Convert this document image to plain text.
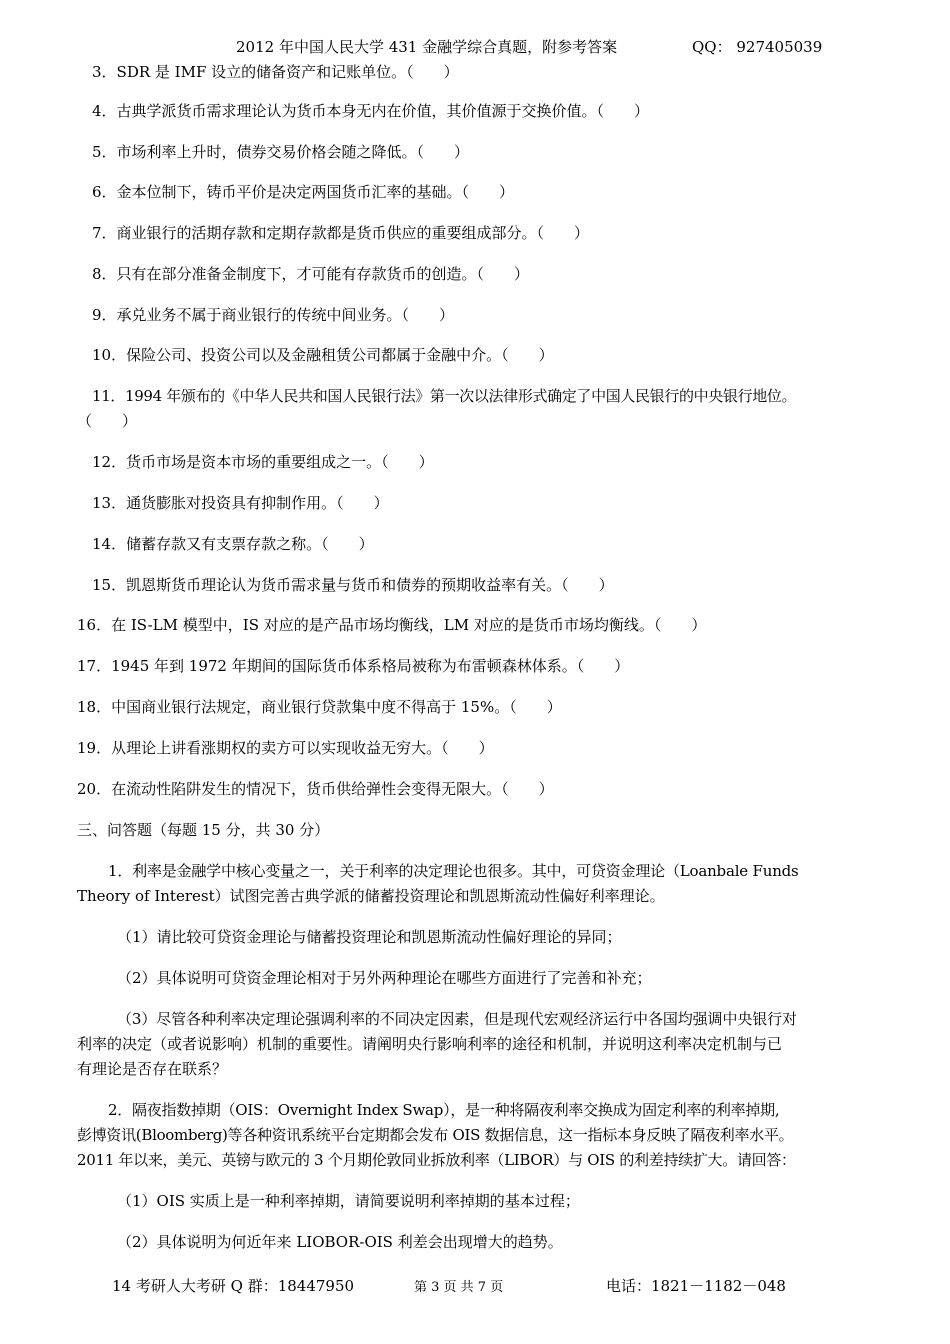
2012 年中国人民大学 431 金融学综合真题，附参考答案	QQ： 927405039
3．SDR 是 IMF 设立的储备资产和记账单位。（　　）
4．古典学派货币需求理论认为货币本身无内在价值，其价值源于交换价值。（　　）
5．市场利率上升时，债券交易价格会随之降低。（　　）
6．金本位制下，铸币平价是决定两国货币汇率的基础。（　　）
7．商业银行的活期存款和定期存款都是货币供应的重要组成部分。（　　）
8．只有在部分准备金制度下，才可能有存款货币的创造。（　　）
9．承兑业务不属于商业银行的传统中间业务。（　　）
10．保险公司、投资公司以及金融租赁公司都属于金融中介。（　　）
11．1994 年颁布的《中华人民共和国人民银行法》第一次以法律形式确定了中国人民银行的中央银行地位。
（　　）
12．货币市场是资本市场的重要组成之一。（　　）
13．通货膨胀对投资具有抑制作用。（　　）
14．储蓄存款又有支票存款之称。（　　）
15．凯恩斯货币理论认为货币需求量与货币和债券的预期收益率有关。（　　）
16．在 IS-LM 模型中，IS 对应的是产品市场均衡线，LM 对应的是货币市场均衡线。（　　）
17．1945 年到 1972 年期间的国际货币体系格局被称为布雷顿森林体系。（　　）
18．中国商业银行法规定，商业银行贷款集中度不得高于 15%。（　　）
19．从理论上讲看涨期权的卖方可以实现收益无穷大。（　　）
20．在流动性陷阱发生的情况下，货币供给弹性会变得无限大。（　　）
三、问答题（每题 15 分，共 30 分）
1．利率是金融学中核心变量之一，关于利率的决定理论也很多。其中，可贷资金理论（Loanbale Funds
Theory of Interest）试图完善古典学派的储蓄投资理论和凯恩斯流动性偏好利率理论。
（1）请比较可贷资金理论与储蓄投资理论和凯恩斯流动性偏好理论的异同；
（2）具体说明可贷资金理论相对于另外两种理论在哪些方面进行了完善和补充；
（3）尽管各种利率决定理论强调利率的不同决定因素，但是现代宏观经济运行中各国均强调中央银行对
利率的决定（或者说影响）机制的重要性。请阐明央行影响利率的途径和机制，并说明这利率决定机制与已
有理论是否存在联系？
2．隔夜指数掉期（OIS：Overnight Index Swap），是一种将隔夜利率交换成为固定利率的利率掉期,
彭博资讯(Bloomberg)等各种资讯系统平台定期都会发布 OIS 数据信息，这一指标本身反映了隔夜利率水平。
2011 年以来，美元、英镑与欧元的 3 个月期伦敦同业拆放利率（LIBOR）与 OIS 的利差持续扩大。请回答：
（1）OIS 实质上是一种利率掉期，请简要说明利率掉期的基本过程；
（2）具体说明为何近年来 LIOBOR-OIS 利差会出现增大的趋势。
14 考研人大考研 Q 群：18447950	第 3 页 共 7 页	电话：1821－1182－048
